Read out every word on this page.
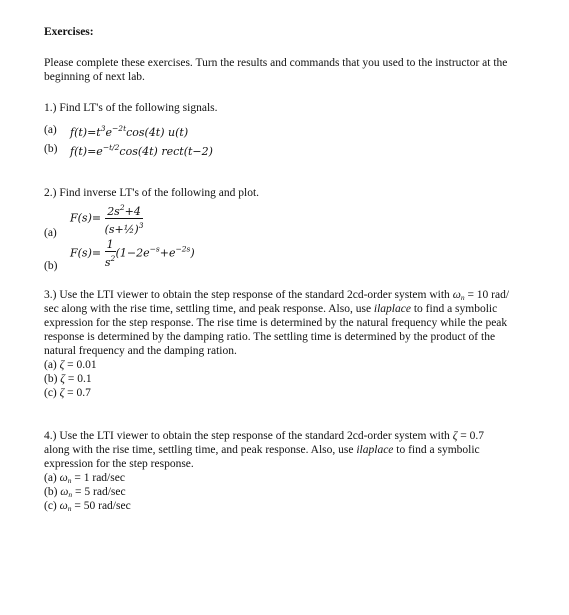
Exercises:
Please complete these exercises. Turn the results and commands that you used to the instructor at the beginning of next lab.
1.) Find LT's of the following signals.
(a) $f(t)=t^3e^{-2t}\cos(4t)$ u(t)
(b) $f(t)=e^{-t/2}\cos(4t)$ rect(t−2)
2.) Find inverse LT's of the following and plot.
$F(s)= \frac{2s^2+4}{(s+\frac{1}{2})^3}$
(a)
$F(s)= \frac{1}{s^2} (1-2e^{-s}+e^{-2s})$
(b)
3.) Use the LTI viewer to obtain the step response of the standard 2cd-order system with $\omega_n = 10$ rad/
sec along with the rise time, settling time, and peak response. Also, use ilaplace to find a symbolic
expression for the step response. The rise time is determined by the natural frequency while the peak
response is determined by the damping ratio. The settling time is determined by the product of the
natural frequency and the damping ration.
(a) ζ = 0.01
(b) ζ = 0.1
(c) ζ = 0.7
4.) Use the LTI viewer to obtain the step response of the standard 2cd-order system with ζ = 0.7
along with the rise time, settling time, and peak response. Also, use ilaplace to find a symbolic
expression for the step response.
(a) $\omega_n = 1$ rad/sec
(b) $\omega_n = 5$ rad/sec
(c) $\omega_n = 50$ rad/sec
